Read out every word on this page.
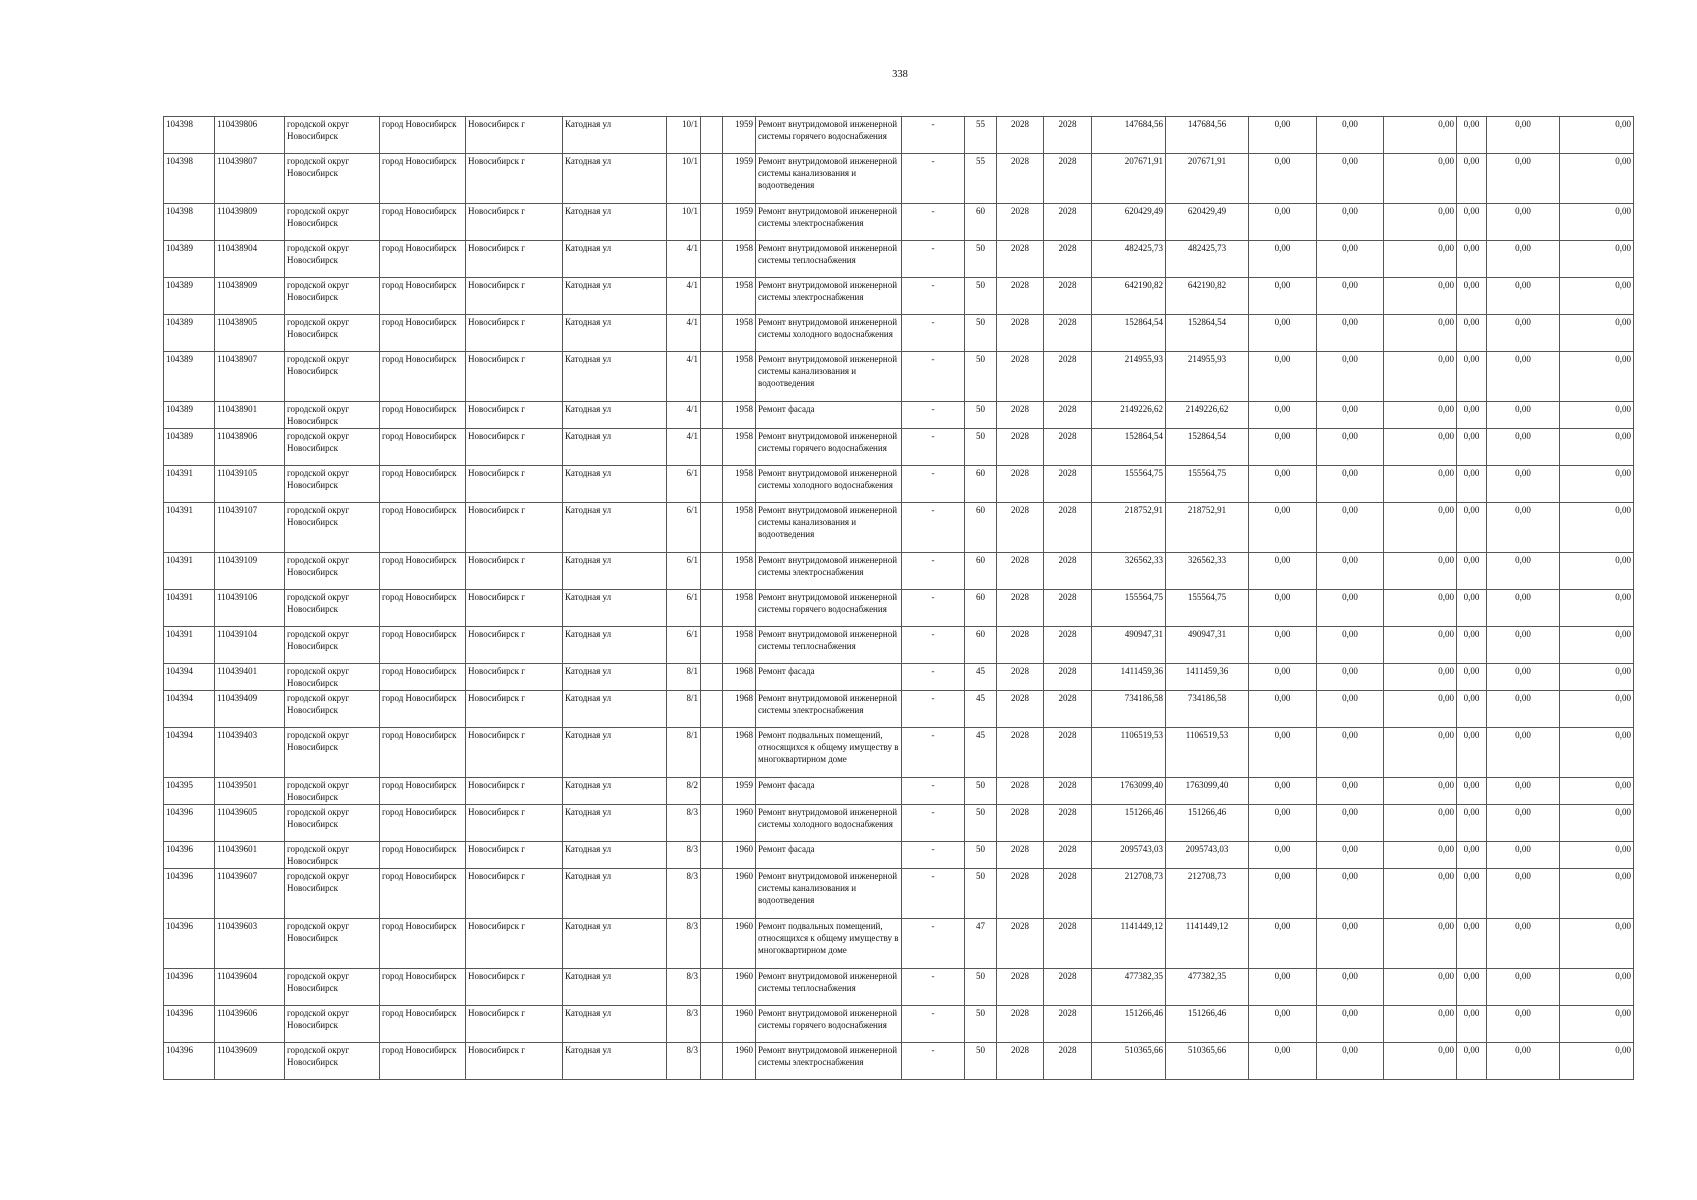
338
104398	110439806	городской округ Новосибирск	город Новосибирск	Новосибирск г	Катодная ул	10/1		1959	Ремонт внутридомовой инженерной системы горячего водоснабжения	-	55	2028	2028	147684,56	147684,56	0,00	0,00	0,00	0,00	0,00	0,00
104398	110439807	городской округ Новосибирск	город Новосибирск	Новосибирск г	Катодная ул	10/1		1959	Ремонт внутридомовой инженерной системы канализования и водоотведения	-	55	2028	2028	207671,91	207671,91	0,00	0,00	0,00	0,00	0,00	0,00
104398	110439809	городской округ Новосибирск	город Новосибирск	Новосибирск г	Катодная ул	10/1		1959	Ремонт внутридомовой инженерной системы электроснабжения	-	60	2028	2028	620429,49	620429,49	0,00	0,00	0,00	0,00	0,00	0,00
104389	110438904	городской округ Новосибирск	город Новосибирск	Новосибирск г	Катодная ул	4/1		1958	Ремонт внутридомовой инженерной системы теплоснабжения	-	50	2028	2028	482425,73	482425,73	0,00	0,00	0,00	0,00	0,00	0,00
104389	110438909	городской округ Новосибирск	город Новосибирск	Новосибирск г	Катодная ул	4/1		1958	Ремонт внутридомовой инженерной системы электроснабжения	-	50	2028	2028	642190,82	642190,82	0,00	0,00	0,00	0,00	0,00	0,00
104389	110438905	городской округ Новосибирск	город Новосибирск	Новосибирск г	Катодная ул	4/1		1958	Ремонт внутридомовой инженерной системы холодного водоснабжения	-	50	2028	2028	152864,54	152864,54	0,00	0,00	0,00	0,00	0,00	0,00
104389	110438907	городской округ Новосибирск	город Новосибирск	Новосибирск г	Катодная ул	4/1		1958	Ремонт внутридомовой инженерной системы канализования и водоотведения	-	50	2028	2028	214955,93	214955,93	0,00	0,00	0,00	0,00	0,00	0,00
104389	110438901	городской округ Новосибирск	город Новосибирск	Новосибирск г	Катодная ул	4/1		1958	Ремонт фасада	-	50	2028	2028	2149226,62	2149226,62	0,00	0,00	0,00	0,00	0,00	0,00
104389	110438906	городской округ Новосибирск	город Новосибирск	Новосибирск г	Катодная ул	4/1		1958	Ремонт внутридомовой инженерной системы горячего водоснабжения	-	50	2028	2028	152864,54	152864,54	0,00	0,00	0,00	0,00	0,00	0,00
104391	110439105	городской округ Новосибирск	город Новосибирск	Новосибирск г	Катодная ул	6/1		1958	Ремонт внутридомовой инженерной системы холодного водоснабжения	-	60	2028	2028	155564,75	155564,75	0,00	0,00	0,00	0,00	0,00	0,00
104391	110439107	городской округ Новосибирск	город Новосибирск	Новосибирск г	Катодная ул	6/1		1958	Ремонт внутридомовой инженерной системы канализования и водоотведения	-	60	2028	2028	218752,91	218752,91	0,00	0,00	0,00	0,00	0,00	0,00
104391	110439109	городской округ Новосибирск	город Новосибирск	Новосибирск г	Катодная ул	6/1		1958	Ремонт внутридомовой инженерной системы электроснабжения	-	60	2028	2028	326562,33	326562,33	0,00	0,00	0,00	0,00	0,00	0,00
104391	110439106	городской округ Новосибирск	город Новосибирск	Новосибирск г	Катодная ул	6/1		1958	Ремонт внутридомовой инженерной системы горячего водоснабжения	-	60	2028	2028	155564,75	155564,75	0,00	0,00	0,00	0,00	0,00	0,00
104391	110439104	городской округ Новосибирск	город Новосибирск	Новосибирск г	Катодная ул	6/1		1958	Ремонт внутридомовой инженерной системы теплоснабжения	-	60	2028	2028	490947,31	490947,31	0,00	0,00	0,00	0,00	0,00	0,00
104394	110439401	городской округ Новосибирск	город Новосибирск	Новосибирск г	Катодная ул	8/1		1968	Ремонт фасада	-	45	2028	2028	1411459,36	1411459,36	0,00	0,00	0,00	0,00	0,00	0,00
104394	110439409	городской округ Новосибирск	город Новосибирск	Новосибирск г	Катодная ул	8/1		1968	Ремонт внутридомовой инженерной системы электроснабжения	-	45	2028	2028	734186,58	734186,58	0,00	0,00	0,00	0,00	0,00	0,00
104394	110439403	городской округ Новосибирск	город Новосибирск	Новосибирск г	Катодная ул	8/1		1968	Ремонт подвальных помещений, относящихся к общему имуществу в многоквартирном доме	-	45	2028	2028	1106519,53	1106519,53	0,00	0,00	0,00	0,00	0,00	0,00
104395	110439501	городской округ Новосибирск	город Новосибирск	Новосибирск г	Катодная ул	8/2		1959	Ремонт фасада	-	50	2028	2028	1763099,40	1763099,40	0,00	0,00	0,00	0,00	0,00	0,00
104396	110439605	городской округ Новосибирск	город Новосибирск	Новосибирск г	Катодная ул	8/3		1960	Ремонт внутридомовой инженерной системы холодного водоснабжения	-	50	2028	2028	151266,46	151266,46	0,00	0,00	0,00	0,00	0,00	0,00
104396	110439601	городской округ Новосибирск	город Новосибирск	Новосибирск г	Катодная ул	8/3		1960	Ремонт фасада	-	50	2028	2028	2095743,03	2095743,03	0,00	0,00	0,00	0,00	0,00	0,00
104396	110439607	городской округ Новосибирск	город Новосибирск	Новосибирск г	Катодная ул	8/3		1960	Ремонт внутридомовой инженерной системы канализования и водоотведения	-	50	2028	2028	212708,73	212708,73	0,00	0,00	0,00	0,00	0,00	0,00
104396	110439603	городской округ Новосибирск	город Новосибирск	Новосибирск г	Катодная ул	8/3		1960	Ремонт подвальных помещений, относящихся к общему имуществу в многоквартирном доме	-	47	2028	2028	1141449,12	1141449,12	0,00	0,00	0,00	0,00	0,00	0,00
104396	110439604	городской округ Новосибирск	город Новосибирск	Новосибирск г	Катодная ул	8/3		1960	Ремонт внутридомовой инженерной системы теплоснабжения	-	50	2028	2028	477382,35	477382,35	0,00	0,00	0,00	0,00	0,00	0,00
104396	110439606	городской округ Новосибирск	город Новосибирск	Новосибирск г	Катодная ул	8/3		1960	Ремонт внутридомовой инженерной системы горячего водоснабжения	-	50	2028	2028	151266,46	151266,46	0,00	0,00	0,00	0,00	0,00	0,00
104396	110439609	городской округ Новосибирск	город Новосибирск	Новосибирск г	Катодная ул	8/3		1960	Ремонт внутридомовой инженерной системы электроснабжения	-	50	2028	2028	510365,66	510365,66	0,00	0,00	0,00	0,00	0,00	0,00
